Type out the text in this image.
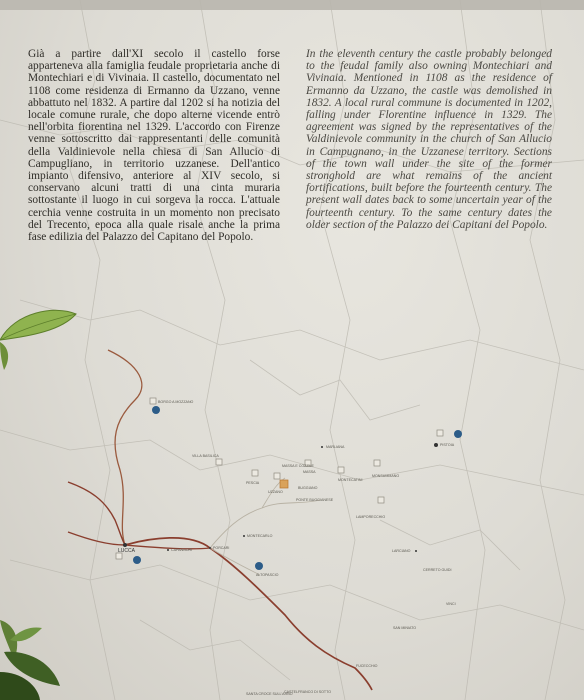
Già a partire dall'XI secolo il castello forse apparteneva alla famiglia feudale proprietaria anche di Montechiari e di Vivinaia. Il castello, documentato nel 1108 come residenza di Ermanno da Uzzano, venne abbattuto nel 1832. A partire dal 1202 si ha notizia del locale comune rurale, che dopo alterne vicende entrò nell'orbita fiorentina nel 1329. L'accordo con Firenze venne sottoscritto dai rappresentanti delle comunità della Valdinievole nella chiesa di San Allucio di Campugliano, in territorio uzzanese. Dell'antico impianto difensivo, anteriore al XIV secolo, si conservano alcuni tratti di una cinta muraria sottostante il luogo in cui sorgeva la rocca. L'attuale cerchia venne costruita in un momento non precisato del Trecento, epoca alla quale risale anche la prima fase edilizia del Palazzo del Capitano del Popolo.
In the eleventh century the castle probably belonged to the feudal family also owning Montechiari and Vivinaia. Mentioned in 1108 as the residence of Ermanno da Uzzano, the castle was demolished in 1832. A local rural commune is documented in 1202, falling under Florentine influence in 1329. The agreement was signed by the representatives of the Valdinievole community in the church of San Allucio in Campugnano, in the Uzzanese territory. Sections of the town wall under the site of the former stronghold are what remains of the ancient fortifications, built before the fourteenth century. The present wall dates back to some uncertain year of the fourteenth century. To the same century dates the older section of the Palazzo dei Capitani del Popolo.
BORGO A MOZZANO
VILLA BASILICA
MARLIANA	PISTOIA
PESCIA
UZZANO
MASSA
MASSA E COZZILE
MONSUMMANO
BUGGIANO
MONTECATINI
PONTE BUGGIANESE
MONTECARLO
ALTOPASCIO
LUCCA	CAPANNORI	PORCARI
LAMPORECCHIO
LARCIANO
VINCI
CERRETO GUIDI
FUCECCHIO
SAN MINIATO
SANTA CROCE SULL'ARNO
CASTELFRANCO DI SOTTO
